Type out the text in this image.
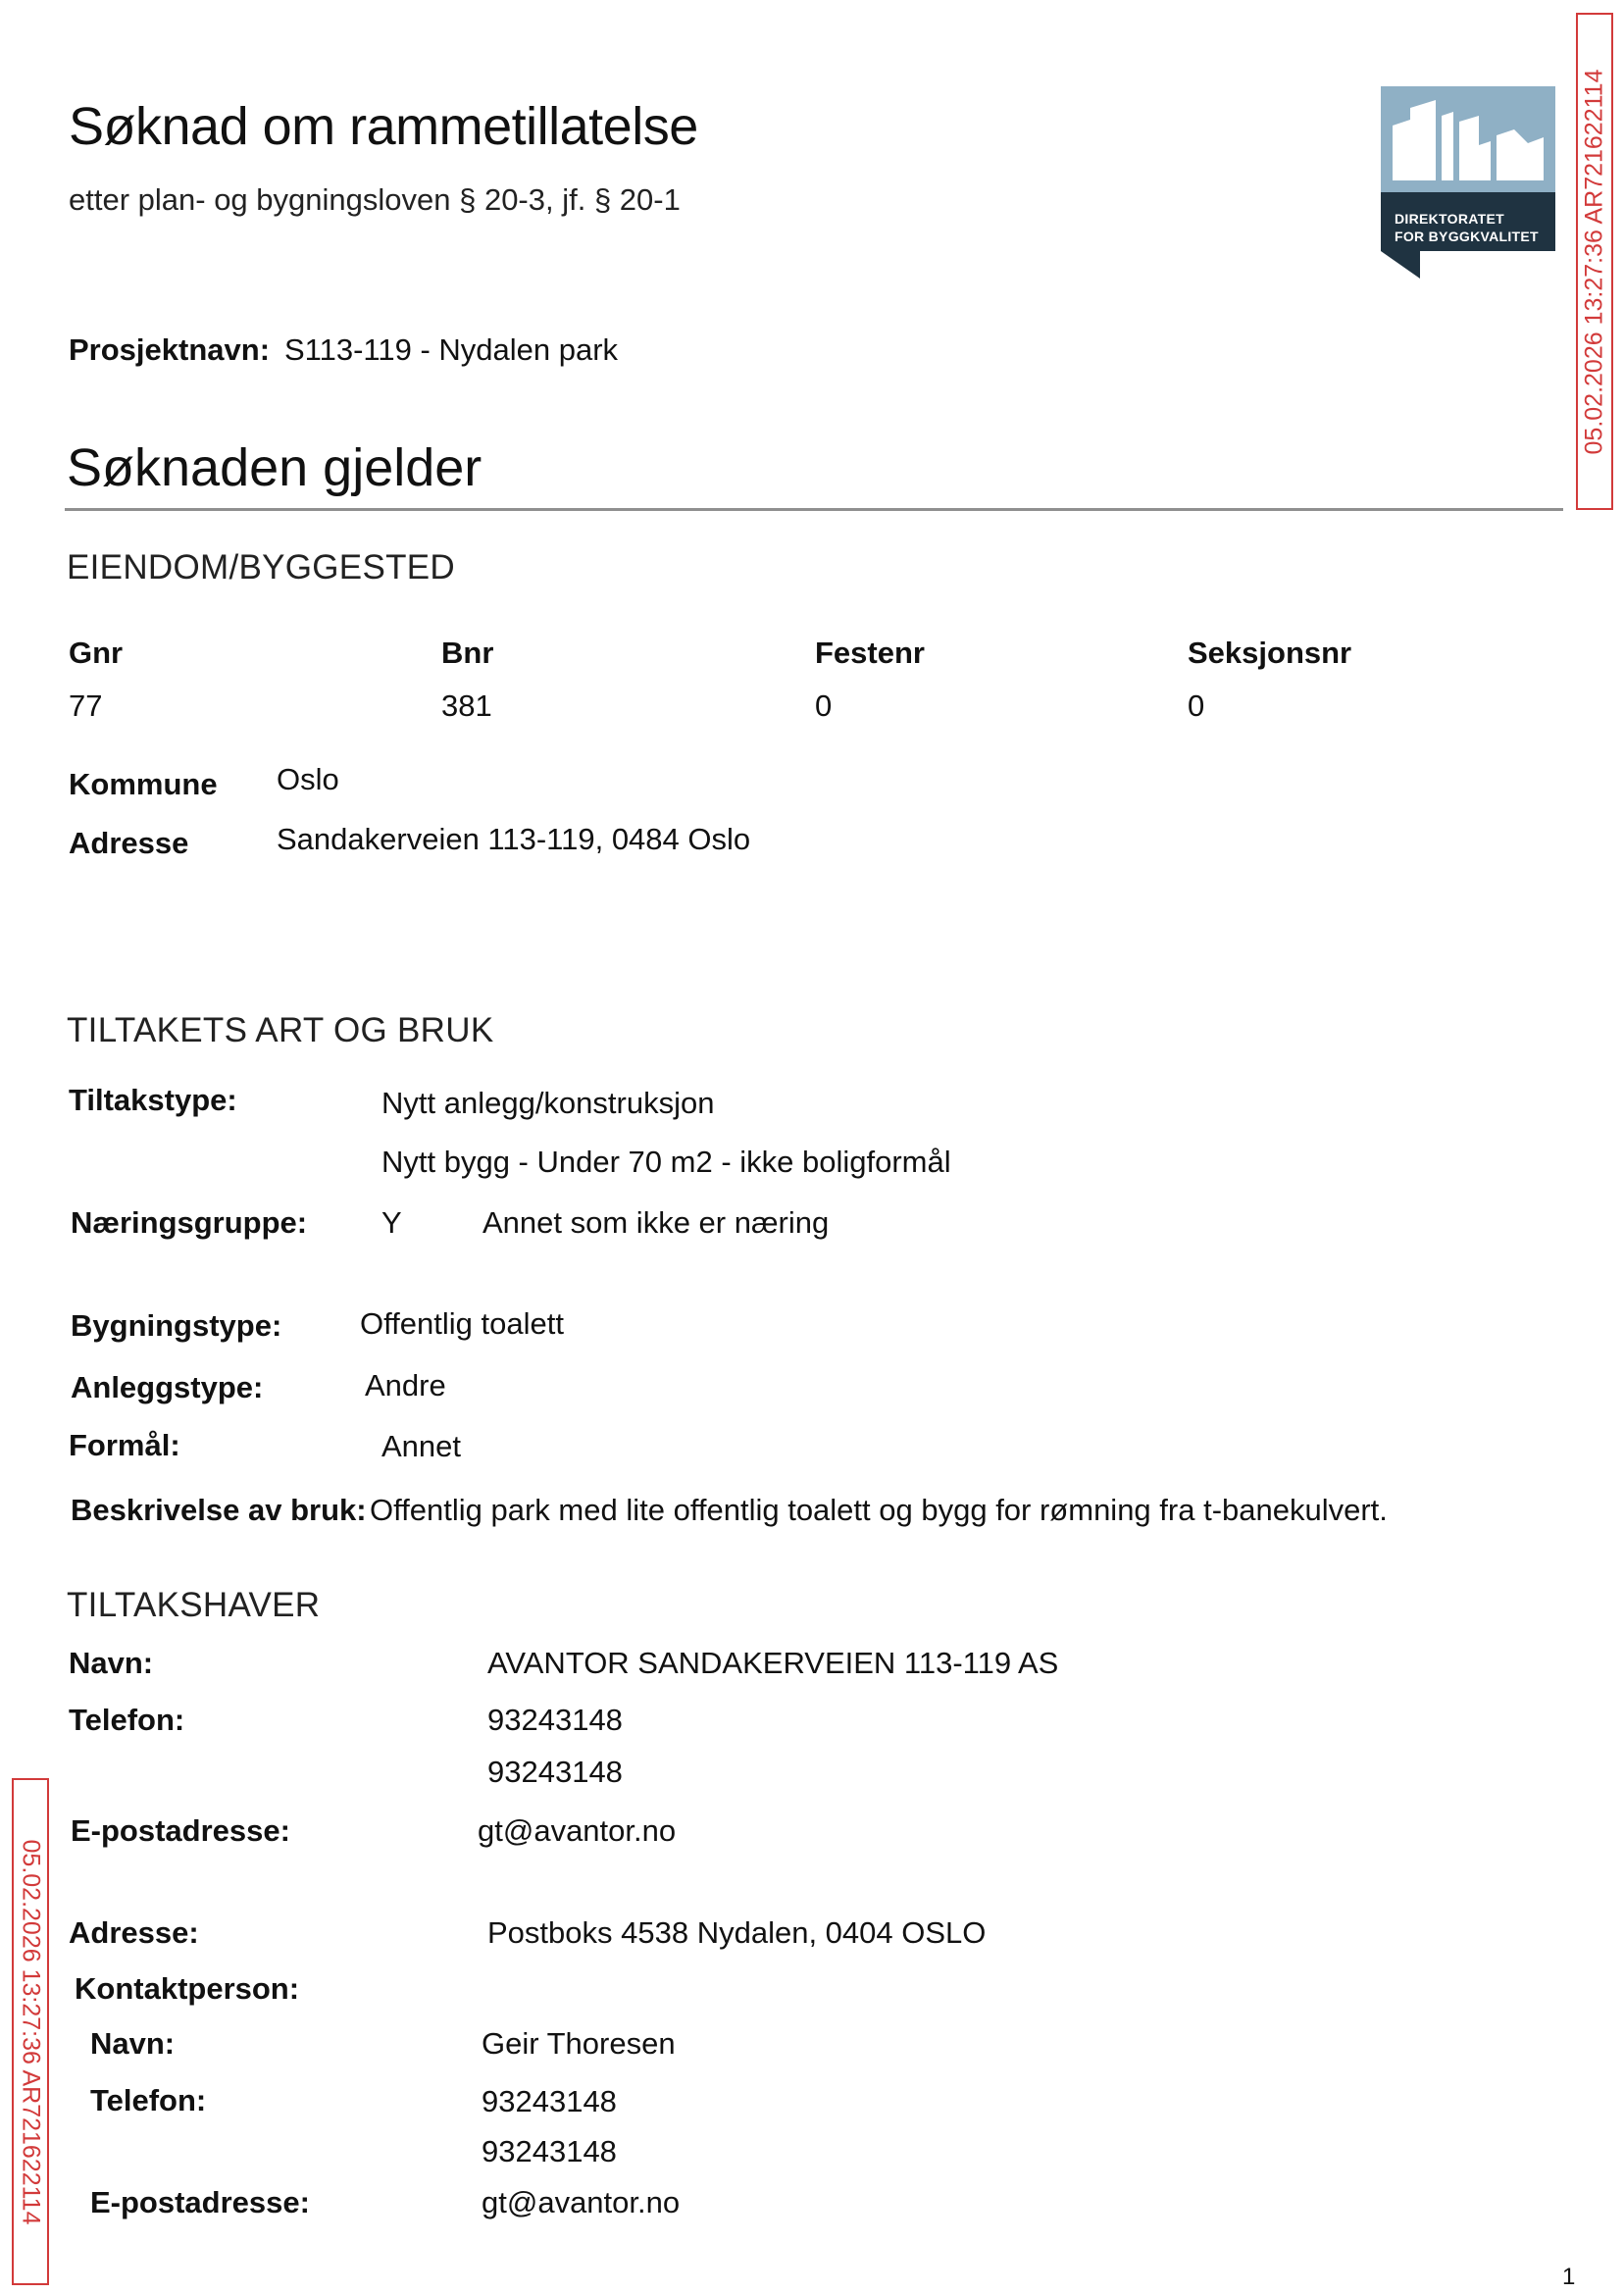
Søknad om rammetillatelse
etter plan- og bygningsloven § 20-3, jf. § 20-1
DIREKTORATET
FOR BYGGKVALITET 05.02.2026 13:27:36 AR721622114
Prosjektnavn: S113-119 - Nydalen park
Søknaden gjelder
EIENDOM/BYGGESTED
Gnr	Bnr	Festenr	Seksjonsnr
77	381	0	0
Kommune Oslo
Adresse	Sandakerveien 113-119, 0484 Oslo
TILTAKETS ART OG BRUK
Tiltakstype:	Nytt anlegg/konstruksjon
Nytt bygg - Under 70 m2 - ikke boligformål
Næringsgruppe: Y	Annet som ikke er næring
Bygningstype:	Offentlig toalett
Anleggstype:	Andre
Formål:	Annet
Beskrivelse av bruk: Offentlig park med lite offentlig toalett og bygg for rømning fra t-banekulvert.
TILTAKSHAVER
Navn:	AVANTOR SANDAKERVEIEN 113-119 AS
Telefon:	93243148
93243148
E-postadresse:	gt@avantor.no
Adresse:	Postboks 4538 Nydalen, 0404 OSLO
Kontaktperson:
Navn:	Geir Thoresen
Telefon:	93243148
93243148
E-postadresse:	gt@avantor.no
05.02.2026 13:27:36 AR721622114
1
